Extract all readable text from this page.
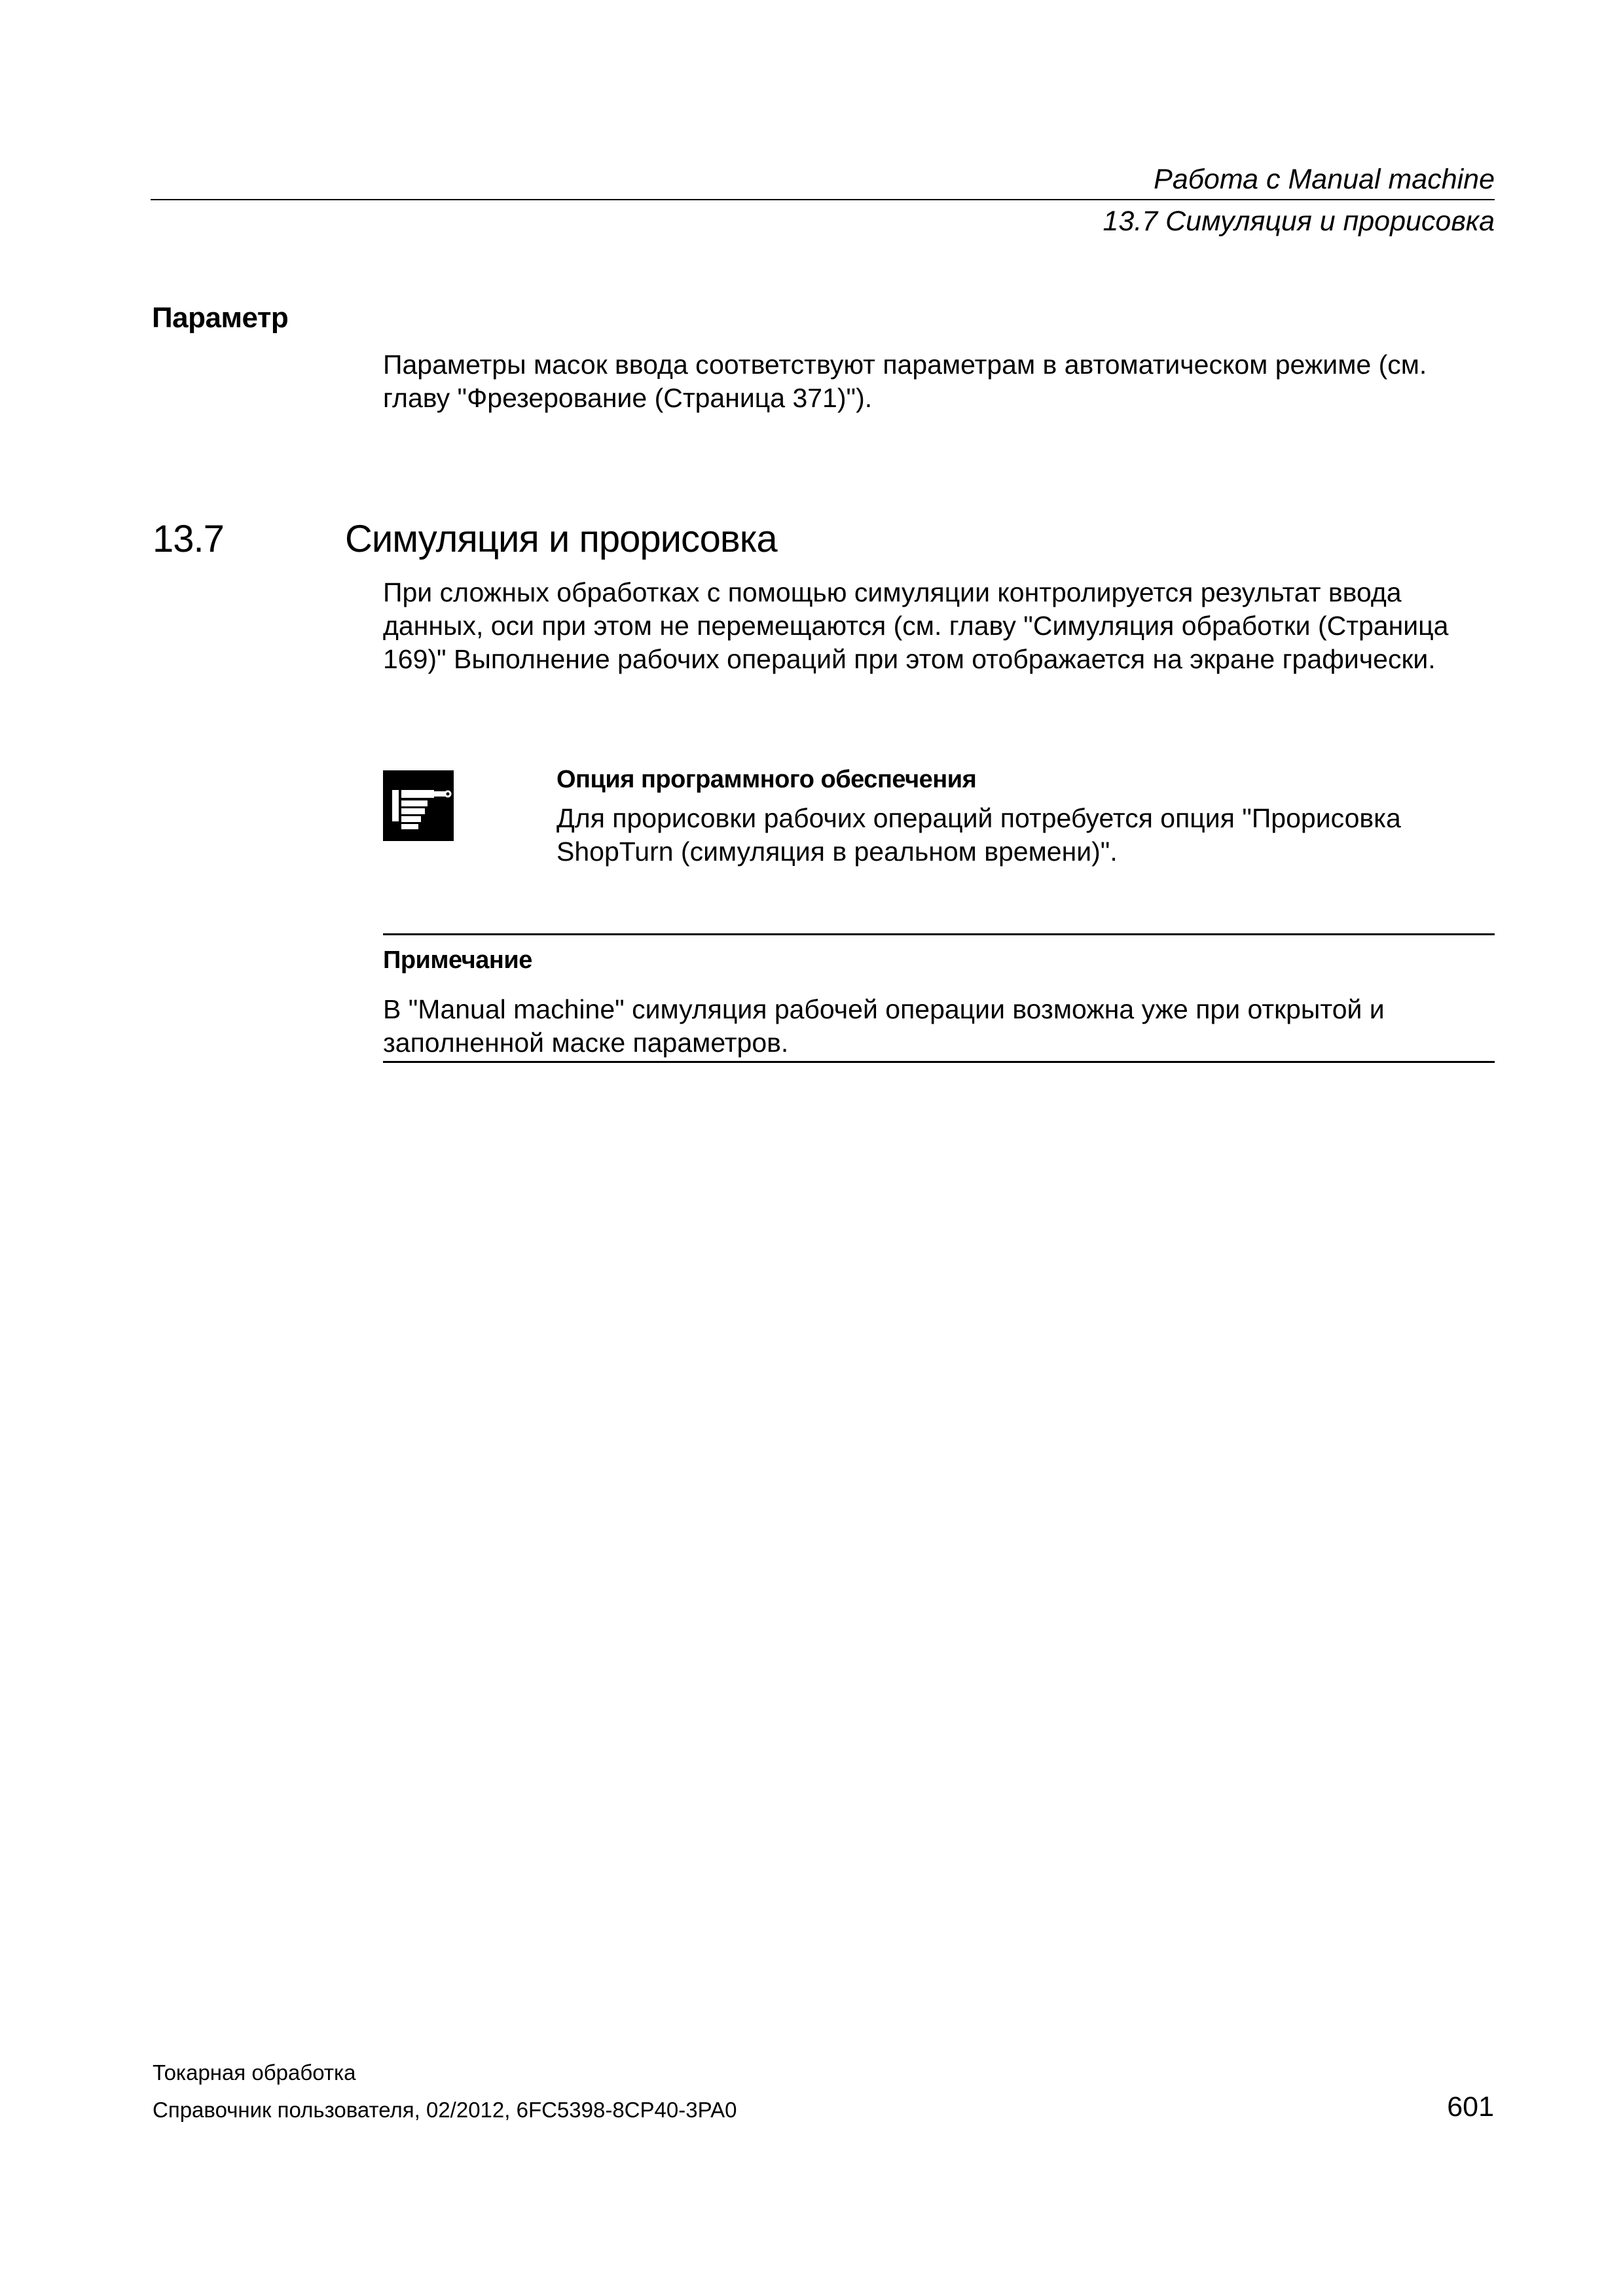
Работа с Manual machine
13.7 Симуляция и прорисовка
Параметр
Параметры масок ввода соответствуют параметрам в автоматическом режиме (см. главу "Фрезерование (Страница 371)").
13.7	Симуляция и прорисовка
При сложных обработках с помощью симуляции контролируется результат ввода данных, оси при этом не перемещаются (см. главу "Симуляция обработки (Страница 169)" Выполнение рабочих операций при этом отображается на экране графически.
Опция программного обеспечения
Для прорисовки рабочих операций потребуется опция "Прорисовка ShopTurn (симуляция в реальном времени)".
Примечание
В "Manual machine" симуляция рабочей операции возможна уже при открытой и заполненной маске параметров.
Токарная обработка
Справочник пользователя, 02/2012, 6FC5398-8CP40-3PA0	601
